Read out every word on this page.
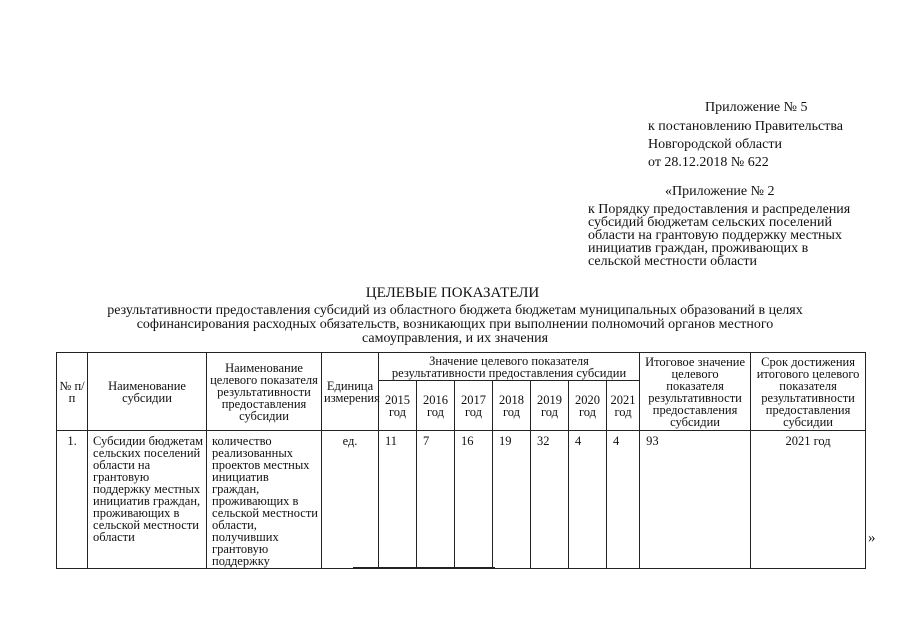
Приложение № 5
к постановлению Правительства
Новгородской области
от 28.12.2018 № 622
«Приложение № 2
к Порядку предоставления и распределения
субсидий бюджетам сельских поселений
области на грантовую поддержку местных
инициатив граждан, проживающих в
сельской местности области
ЦЕЛЕВЫЕ ПОКАЗАТЕЛИ
результативности предоставления субсидий из областного бюджета бюджетам муниципальных образований в целях
софинансирования расходных обязательств, возникающих при выполнении полномочий органов местного
самоуправления, и их значения
№ п/п	Наименование субсидии	Наименование целевого показателя результативности предоставления субсидии	Единица измерения	Значение целевого показателя результативности предоставления субсидии							Итоговое значение целевого показателя результативности предоставления субсидии	Срок достижения итогового целевого показателя результативности предоставления субсидии
				2015 год	2016 год	2017 год	2018 год	2019 год	2020 год	2021 год		
1.	Субсидии бюджетам сельских поселений области на грантовую поддержку местных инициатив граждан, проживающих в сельской местности области	количество реализованных проектов местных инициатив граждан, проживающих в сельской местности области, получивших грантовую поддержку	ед.	11	7	16	19	32	4	4	93	2021 год
»
